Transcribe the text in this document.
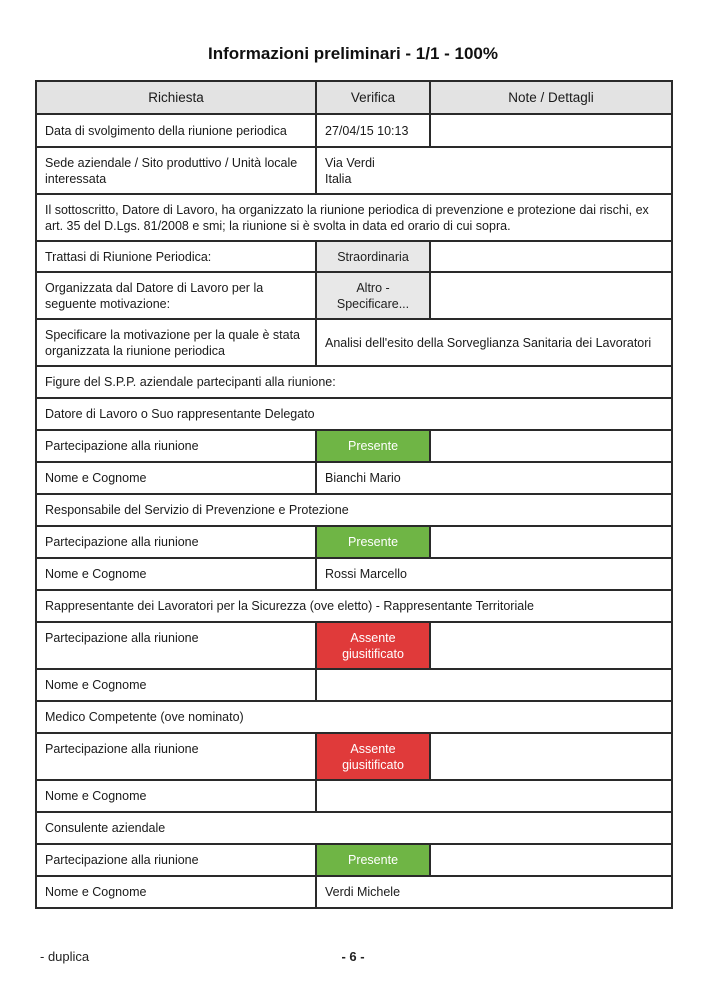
Informazioni preliminari - 1/1 - 100%
Richiesta	Verifica	Note / Dettagli
Data di svolgimento della riunione periodica	27/04/15 10:13	
Sede aziendale / Sito produttivo / Unità locale interessata	Via Verdi
Italia	
Il sottoscritto, Datore di Lavoro, ha organizzato la riunione periodica di prevenzione e protezione dai rischi, ex art. 35 del D.Lgs. 81/2008 e smi; la riunione si è svolta in data ed orario di cui sopra.		
Trattasi di Riunione Periodica:	Straordinaria	
Organizzata dal Datore di Lavoro per la seguente motivazione:	Altro - Specificare...	
Specificare la motivazione per la quale è stata organizzata la riunione periodica	Analisi dell'esito della Sorveglianza Sanitaria dei Lavoratori	
Figure del S.P.P. aziendale partecipanti alla riunione:		
Datore di Lavoro o Suo rappresentante Delegato		
Partecipazione alla riunione	Presente	
Nome e Cognome	Bianchi Mario	
Responsabile del Servizio di Prevenzione e Protezione		
Partecipazione alla riunione	Presente	
Nome e Cognome	Rossi Marcello	
Rappresentante dei Lavoratori per la Sicurezza (ove eletto) - Rappresentante Territoriale		
Partecipazione alla riunione	Assente giusitificato	
Nome e Cognome		
Medico Competente (ove nominato)		
Partecipazione alla riunione	Assente giusitificato	
Nome e Cognome		
Consulente aziendale		
Partecipazione alla riunione	Presente	
Nome e Cognome	Verdi Michele	
- duplica	- 6 -
